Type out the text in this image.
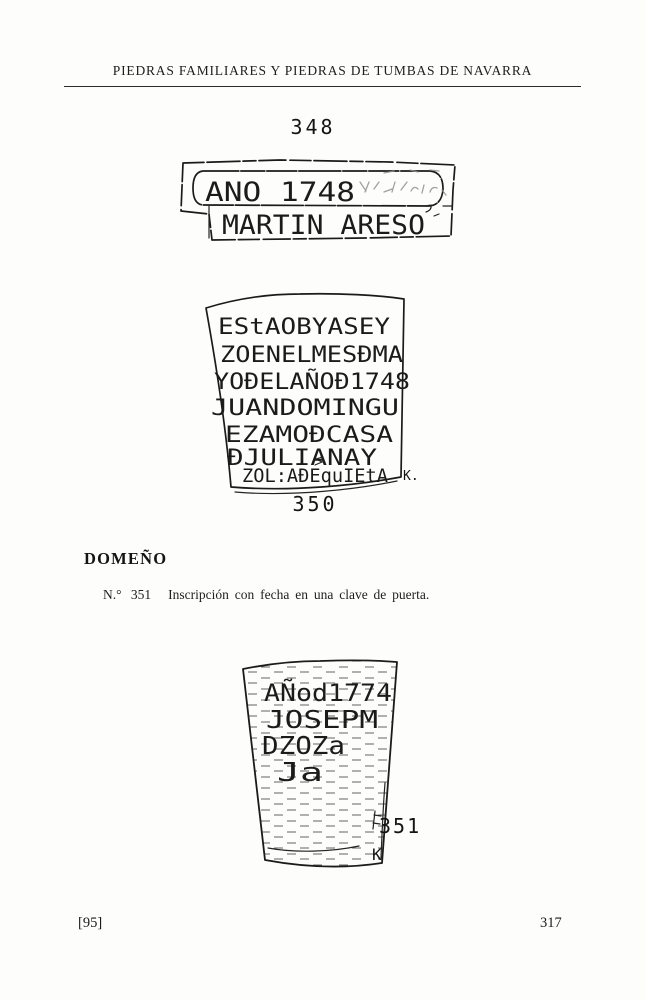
PIEDRAS FAMILIARES Y PIEDRAS DE TUMBAS DE NAVARRA
348
ANO 1748
MARTIN ARESO
EStAOBYASEY
ZOENELMESÐMA
YOÐELAÑOÐ1748
JUANDOMINGU
EZAMOÐCASA
ÐJULIANAY
ZOL:AÐEquIEtA K.
350
DOMEÑO
N.° 351 Inscripción con fecha en una clave de puerta.
AÑod1774
JOSEPM
DZOZa
Ja
351
K
[95]	317
